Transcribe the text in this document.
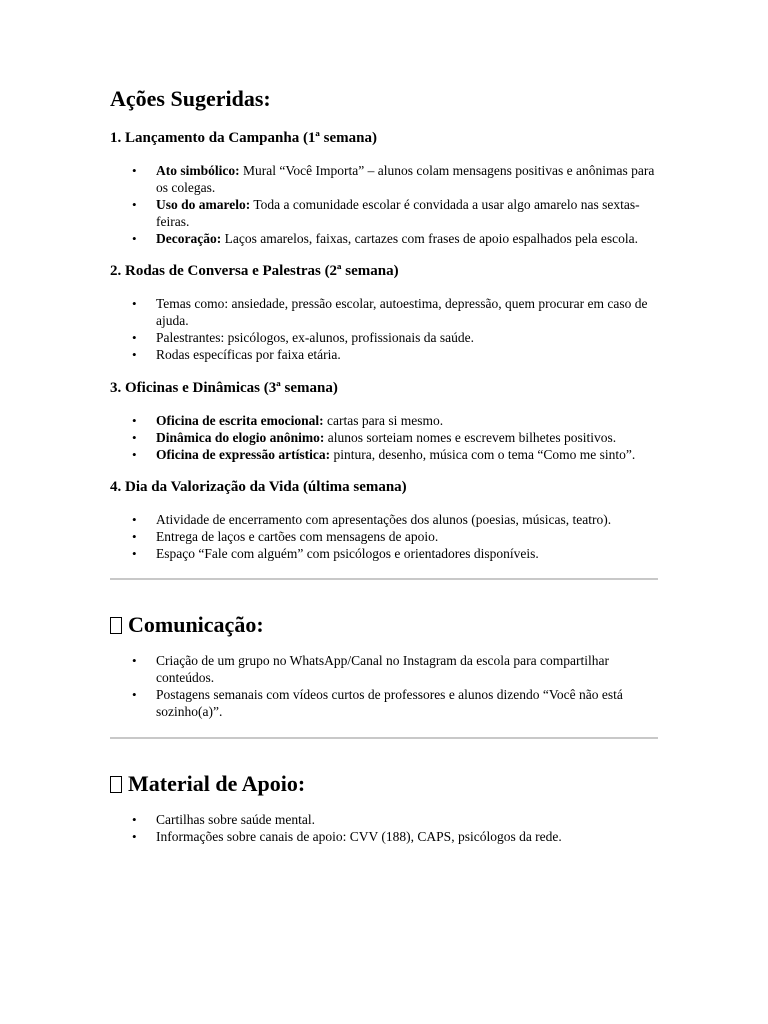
Ações Sugeridas:
1. Lançamento da Campanha (1ª semana)
• Ato simbólico: Mural “Você Importa” – alunos colam mensagens positivas e anônimas para os colegas.
• Uso do amarelo: Toda a comunidade escolar é convidada a usar algo amarelo nas sextas-feiras.
• Decoração: Laços amarelos, faixas, cartazes com frases de apoio espalhados pela escola.
2. Rodas de Conversa e Palestras (2ª semana)
• Temas como: ansiedade, pressão escolar, autoestima, depressão, quem procurar em caso de ajuda.
• Palestrantes: psicólogos, ex-alunos, profissionais da saúde.
• Rodas específicas por faixa etária.
3. Oficinas e Dinâmicas (3ª semana)
• Oficina de escrita emocional: cartas para si mesmo.
• Dinâmica do elogio anônimo: alunos sorteiam nomes e escrevem bilhetes positivos.
• Oficina de expressão artística: pintura, desenho, música com o tema “Como me sinto”.
4. Dia da Valorização da Vida (última semana)
• Atividade de encerramento com apresentações dos alunos (poesias, músicas, teatro).
• Entrega de laços e cartões com mensagens de apoio.
• Espaço “Fale com alguém” com psicólogos e orientadores disponíveis.
Comunicação:
• Criação de um grupo no WhatsApp/Canal no Instagram da escola para compartilhar conteúdos.
• Postagens semanais com vídeos curtos de professores e alunos dizendo “Você não está sozinho(a)”.
Material de Apoio:
• Cartilhas sobre saúde mental.
• Informações sobre canais de apoio: CVV (188), CAPS, psicólogos da rede.
